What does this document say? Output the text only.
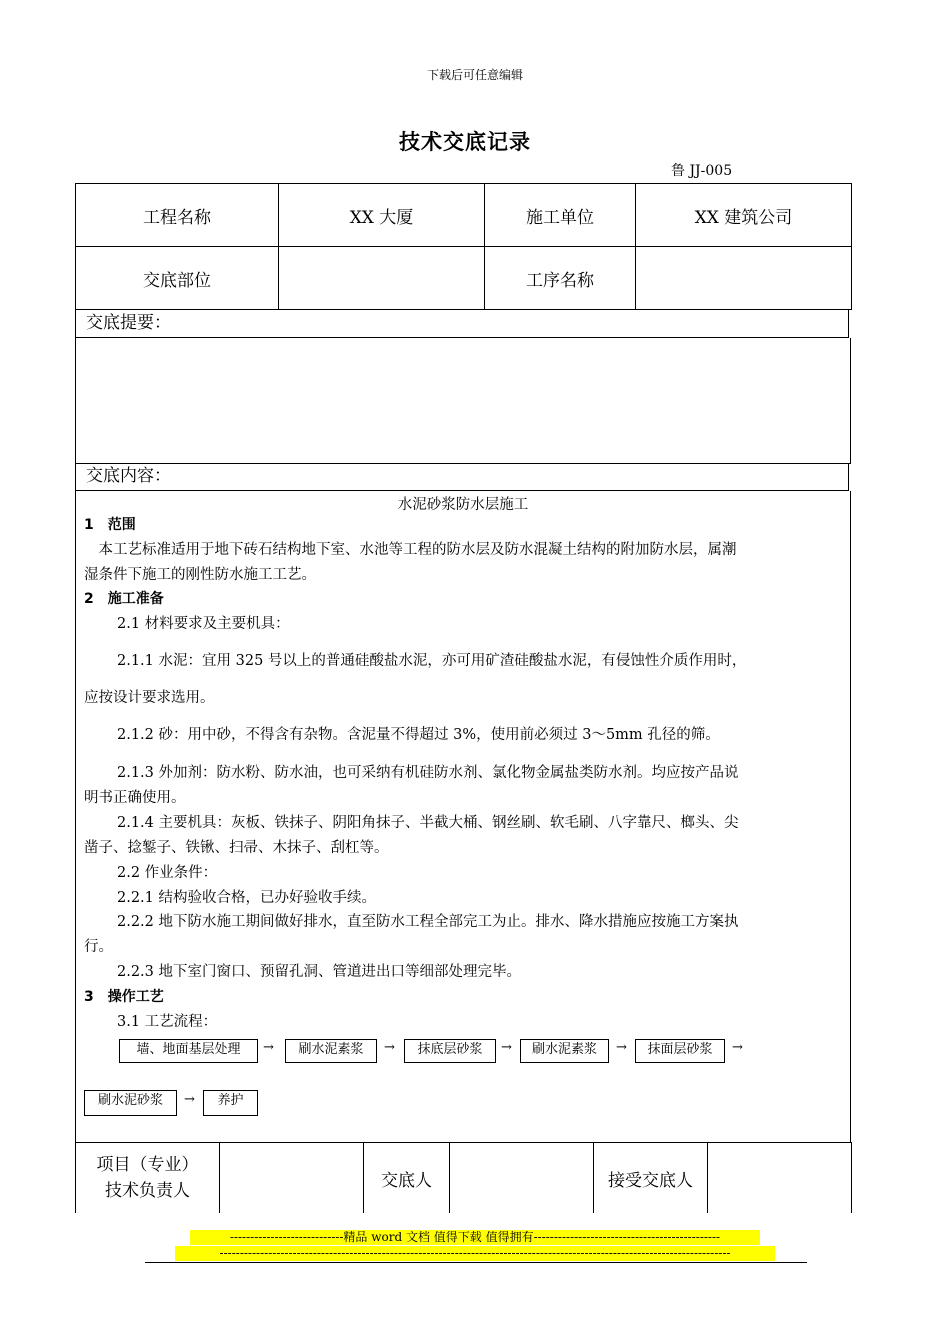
下载后可任意编辑
技术交底记录
鲁 JJ-005
工程名称	XX 大厦	施工单位	XX 建筑公司
交底部位		工序名称	
交底提要：
交底内容：
水泥砂浆防水层施工
1　范围
　本工艺标准适用于地下砖石结构地下室、水池等工程的防水层及防水混凝土结构的附加防水层，属潮
湿条件下施工的刚性防水施工工艺。
2　施工准备
2.1 材料要求及主要机具：
2.1.1 水泥：宜用 325 号以上的普通硅酸盐水泥，亦可用矿渣硅酸盐水泥，有侵蚀性介质作用时，
应按设计要求选用。
2.1.2 砂：用中砂，不得含有杂物。含泥量不得超过 3%，使用前必须过 3～5mm 孔径的筛。
2.1.3 外加剂：防水粉、防水油，也可采纳有机硅防水剂、氯化物金属盐类防水剂。均应按产品说
明书正确使用。
2.1.4 主要机具：灰板、铁抹子、阴阳角抹子、半截大桶、钢丝刷、软毛刷、八字靠尺、榔头、尖
凿子、捻錾子、铁锹、扫帚、木抹子、刮杠等。
2.2 作业条件：
2.2.1 结构验收合格，已办好验收手续。
2.2.2 地下防水施工期间做好排水，直至防水工程全部完工为止。排水、降水措施应按施工方案执
行。
2.2.3 地下室门窗口、预留孔洞、管道进出口等细部处理完毕。
3　操作工艺
3.1 工艺流程：
墙、地面基层处理	→	刷水泥素浆	→	抹底层砂浆	→	刷水泥素浆	→	抹面层砂浆	→
刷水泥砂浆	→	养护
项目（专业）
技术负责人
		交底人		接受交底人	
----------------------------精品 word 文档 值得下载 值得拥有----------------------------------------------
------------------------------------------------------------------------------------------------------------------------------
